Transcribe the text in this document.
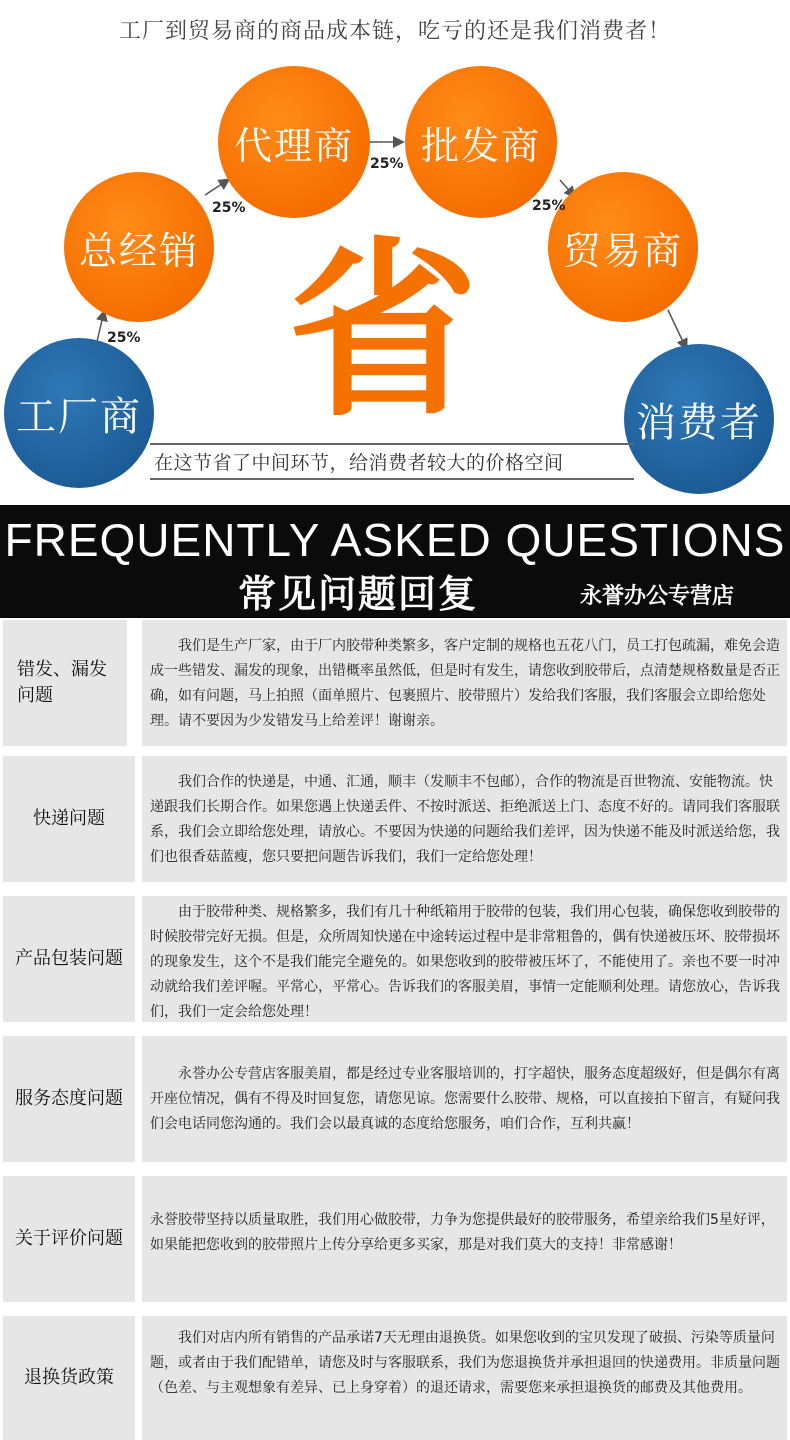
工厂到贸易商的商品成本链，吃亏的还是我们消费者！
工厂商
总经销
代理商	批发商
贸易商
消费者
25%
25%
25%
25%
省
在这节省了中间环节，给消费者较大的价格空间
FREQUENTLY ASKED QUESTIONS
常见问题回复	永誉办公专营店
错发、漏发问题
我们是生产厂家，由于厂内胶带种类繁多，客户定制的规格也五花八门，员工打包疏漏，难免会造成一些错发、漏发的现象，出错概率虽然低，但是时有发生，请您收到胶带后，点清楚规格数量是否正确，如有问题，马上拍照（面单照片、包裹照片、胶带照片）发给我们客服，我们客服会立即给您处理。请不要因为少发错发马上给差评！谢谢亲。
快递问题
我们合作的快递是，中通、汇通，顺丰（发顺丰不包邮），合作的物流是百世物流、安能物流。快递跟我们长期合作。如果您遇上快递丢件、不按时派送、拒绝派送上门、态度不好的。请同我们客服联系，我们会立即给您处理，请放心。不要因为快递的问题给我们差评，因为快递不能及时派送给您，我们也很香菇蓝瘦，您只要把问题告诉我们，我们一定给您处理！
产品包装问题
由于胶带种类、规格繁多，我们有几十种纸箱用于胶带的包装，我们用心包装，确保您收到胶带的时候胶带完好无损。但是，众所周知快递在中途转运过程中是非常粗鲁的，偶有快递被压坏、胶带损坏的现象发生，这个不是我们能完全避免的。如果您收到的胶带被压坏了，不能使用了。亲也不要一时冲动就给我们差评喔。平常心，平常心。告诉我们的客服美眉，事情一定能顺利处理。请您放心，告诉我们，我们一定会给您处理！
服务态度问题
永誉办公专营店客服美眉，都是经过专业客服培训的，打字超快，服务态度超级好，但是偶尔有离开座位情况，偶有不得及时回复您，请您见谅。您需要什么胶带、规格，可以直接拍下留言，有疑问我们会电话同您沟通的。我们会以最真诚的态度给您服务，咱们合作，互利共赢！
关于评价问题
永誉胶带坚持以质量取胜，我们用心做胶带，力争为您提供最好的胶带服务，希望亲给我们5星好评，如果能把您收到的胶带照片上传分享给更多买家，那是对我们莫大的支持！非常感谢！
退换货政策
我们对店内所有销售的产品承诺7天无理由退换货。如果您收到的宝贝发现了破损、污染等质量问题，或者由于我们配错单，请您及时与客服联系，我们为您退换货并承担退回的快递费用。非质量问题（色差、与主观想象有差异、已上身穿着）的退还请求，需要您来承担退换货的邮费及其他费用。
